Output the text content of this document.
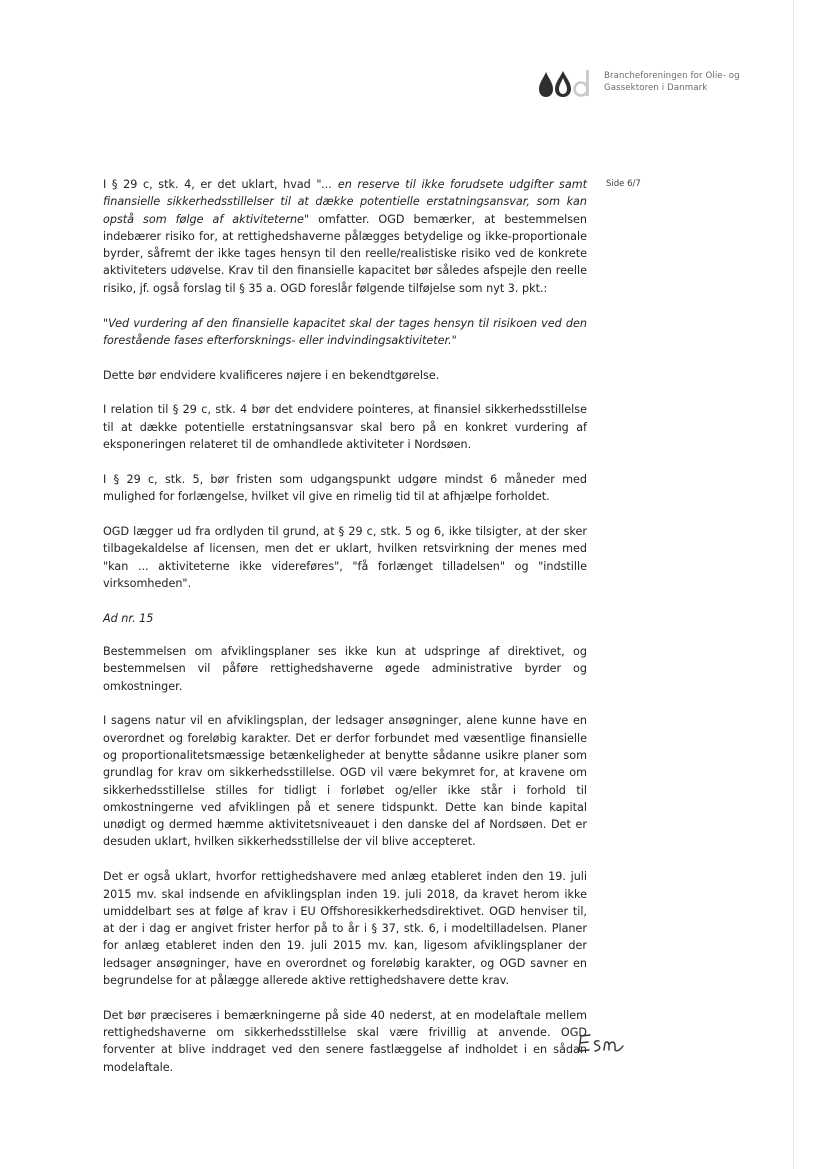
Brancheforeningen for Olie- og
Gassektoren i Danmark
Side 6/7

I § 29 c, stk. 4, er det uklart, hvad "... en reserve til ikke forudsete udgifter samt finansielle sikkerhedsstillelser til at dække potentielle erstatningsansvar, som kan opstå som følge af aktiviteterne" omfatter. OGD bemærker, at bestemmelsen indebærer risiko for, at rettighedshaverne pålægges betydelige og ikke-proportionale byrder, såfremt der ikke tages hensyn til den reelle/realistiske risiko ved de konkrete aktiviteters udøvelse. Krav til den finansielle kapacitet bør således afspejle den reelle risiko, jf. også forslag til § 35 a. OGD foreslår følgende tilføjelse som nyt 3. pkt.:

"Ved vurdering af den finansielle kapacitet skal der tages hensyn til risikoen ved den forestående fases efterforsknings- eller indvindingsaktiviteter."

Dette bør endvidere kvalificeres nøjere i en bekendtgørelse.

I relation til § 29 c, stk. 4 bør det endvidere pointeres, at finansiel sikkerhedsstillelse til at dække potentielle erstatningsansvar skal bero på en konkret vurdering af eksponeringen relateret til de omhandlede aktiviteter i Nordsøen.

I § 29 c, stk. 5, bør fristen som udgangspunkt udgøre mindst 6 måneder med mulighed for forlængelse, hvilket vil give en rimelig tid til at afhjælpe forholdet.

OGD lægger ud fra ordlyden til grund, at § 29 c, stk. 5 og 6, ikke tilsigter, at der sker tilbagekaldelse af licensen, men det er uklart, hvilken retsvirkning der menes med "kan ... aktiviteterne ikke videreføres", "få forlænget tilladelsen" og "indstille virksomheden".

Ad nr. 15

Bestemmelsen om afviklingsplaner ses ikke kun at udspringe af direktivet, og bestemmelsen vil påføre rettighedshaverne øgede administrative byrder og omkostninger.

I sagens natur vil en afviklingsplan, der ledsager ansøgninger, alene kunne have en overordnet og foreløbig karakter. Det er derfor forbundet med væsentlige finansielle og proportionalitetsmæssige betænkeligheder at benytte sådanne usikre planer som grundlag for krav om sikkerhedsstillelse. OGD vil være bekymret for, at kravene om sikkerhedsstillelse stilles for tidligt i forløbet og/eller ikke står i forhold til omkostningerne ved afviklingen på et senere tidspunkt. Dette kan binde kapital unødigt og dermed hæmme aktivitetsniveauet i den danske del af Nordsøen. Det er desuden uklart, hvilken sikkerhedsstillelse der vil blive accepteret.

Det er også uklart, hvorfor rettighedshavere med anlæg etableret inden den 19. juli 2015 mv. skal indsende en afviklingsplan inden 19. juli 2018, da kravet herom ikke umiddelbart ses at følge af krav i EU Offshoresikkerhedsdirektivet. OGD henviser til, at der i dag er angivet frister herfor på to år i § 37, stk. 6, i modeltilladelsen. Planer for anlæg etableret inden den 19. juli 2015 mv. kan, ligesom afviklingsplaner der ledsager ansøgninger, have en overordnet og foreløbig karakter, og OGD savner en begrundelse for at pålægge allerede aktive rettighedshavere dette krav.

Det bør præciseres i bemærkningerne på side 40 nederst, at en modelaftale mellem rettighedshaverne om sikkerhedsstillelse skal være frivillig at anvende. OGD forventer at blive inddraget ved den senere fastlæggelse af indholdet i en sådan modelaftale.
